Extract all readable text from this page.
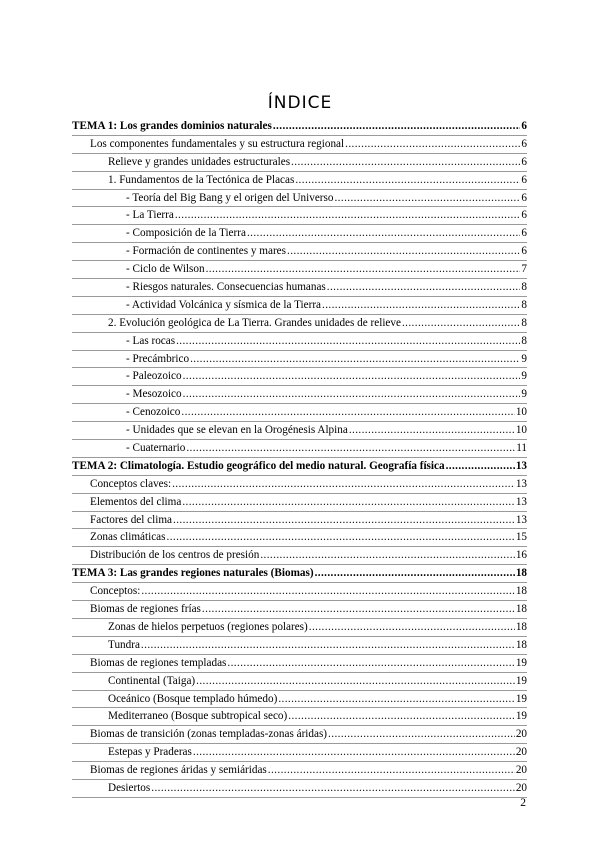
ÍNDICE
TEMA 1: Los grandes dominios naturales .....	6
Los componentes fundamentales y su estructura regional .....	6
Relieve y grandes unidades estructurales .....	6
1. Fundamentos de la Tectónica de Placas .....	6
- Teoría del Big Bang y el origen del Universo .....	6
- La Tierra .....	6
- Composición de la Tierra .....	6
- Formación de continentes y mares .....	6
- Ciclo de Wilson .....	7
- Riesgos naturales. Consecuencias humanas .....	8
- Actividad Volcánica y sísmica de la Tierra .....	8
2. Evolución geológica de La Tierra. Grandes unidades de relieve .....	8
- Las rocas .....	8
- Precámbrico .....	9
- Paleozoico .....	9
- Mesozoico .....	9
- Cenozoico .....	10
- Unidades que se elevan en la Orogénesis Alpina .....	10
- Cuaternario .....	11
TEMA 2: Climatología. Estudio geográfico del medio natural. Geografía física .....	13
Conceptos claves: .....	13
Elementos del clima .....	13
Factores del clima .....	13
Zonas climáticas .....	15
Distribución de los centros de presión .....	16
TEMA 3: Las grandes regiones naturales (Biomas) .....	18
Conceptos: .....	18
Biomas de regiones frías .....	18
Zonas de hielos perpetuos (regiones polares) .....	18
Tundra .....	18
Biomas de regiones templadas .....	19
Continental (Taiga) .....	19
Oceánico (Bosque templado húmedo) .....	19
Mediterraneo (Bosque subtropical seco) .....	19
Biomas de transición (zonas templadas-zonas áridas) .....	20
Estepas y Praderas .....	20
Biomas de regiones áridas y semiáridas .....	20
Desiertos .....	20
2
